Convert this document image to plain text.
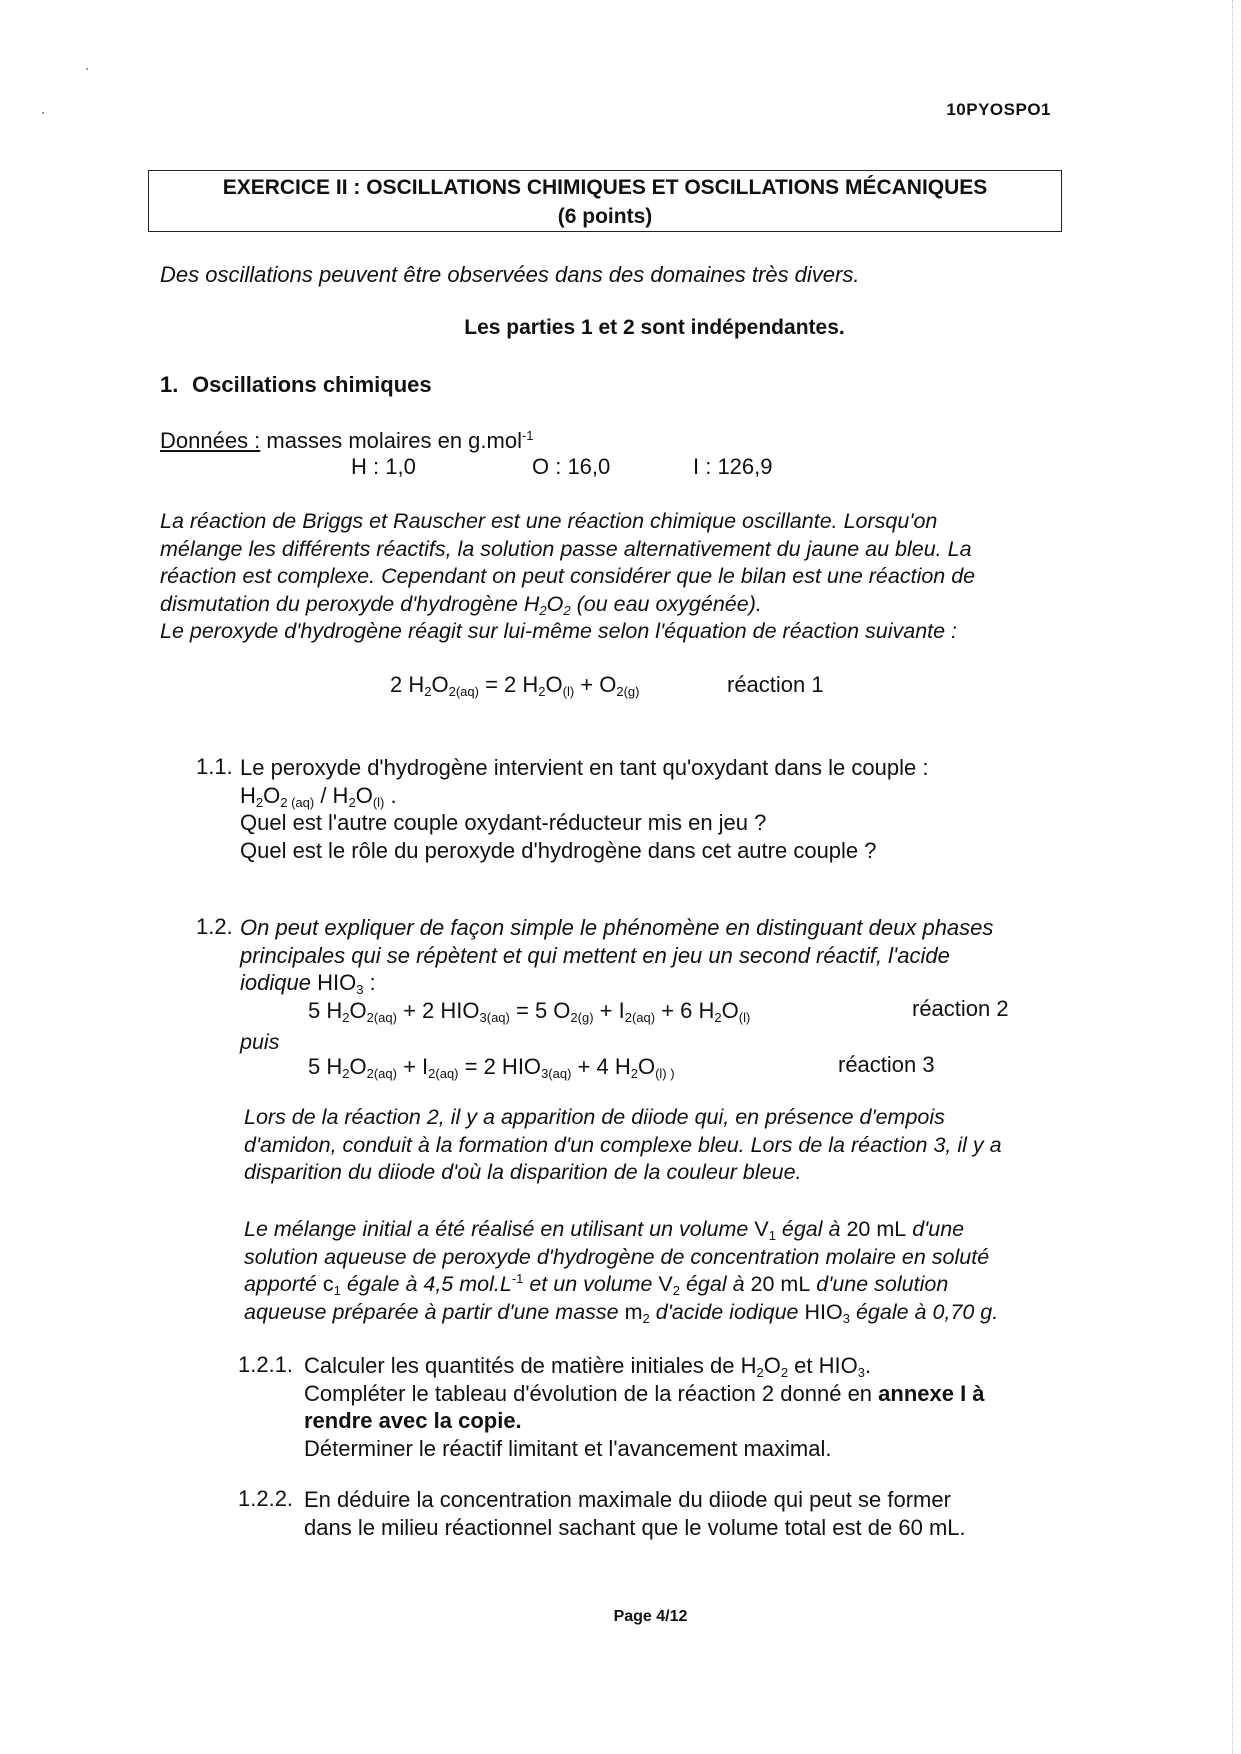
10PYOSPO1
EXERCICE II : OSCILLATIONS CHIMIQUES ET OSCILLATIONS MÉCANIQUES
(6 points)
Des oscillations peuvent être observées dans des domaines très divers.
Les parties 1 et 2 sont indépendantes.
1. Oscillations chimiques
Données : masses molaires en g.mol$^{-1}$
H : 1,0	O : 16,0	I : 126,9
La réaction de Briggs et Rauscher est une réaction chimique oscillante. Lorsqu'on
mélange les différents réactifs, la solution passe alternativement du jaune au bleu. La
réaction est complexe. Cependant on peut considérer que le bilan est une réaction de
dismutation du peroxyde d'hydrogène $H_2O_2$ (ou eau oxygénée).
Le peroxyde d'hydrogène réagit sur lui-même selon l'équation de réaction suivante :
2 $H_2O_{2(aq)} = 2$ $H_2O_{(l)} + O_{2(g)}$	réaction 1
1.1. Le peroxyde d'hydrogène intervient en tant qu'oxydant dans le couple :
$H_2O_{2 (aq)} / H_2O_{(l)}$ .
Quel est l'autre couple oxydant-réducteur mis en jeu ?
Quel est le rôle du peroxyde d'hydrogène dans cet autre couple ?
1.2. On peut expliquer de façon simple le phénomène en distinguant deux phases
principales qui se répètent et qui mettent en jeu un second réactif, l'acide
iodique $HIO_3$ :
5 $H_2O_{2(aq)} + 2$ $HIO_{3(aq)} = 5$ $O_{2(g)} + I_{2(aq)} + 6$ $H_2O_{(l)}$	réaction 2
puis
5 $H_2O_{2(aq)} + I_{2(aq)} = 2$ $HIO_{3(aq)} + 4$ $H_2O_{(l) )}$	réaction 3
Lors de la réaction 2, il y a apparition de diiode qui, en présence d'empois
d'amidon, conduit à la formation d'un complexe bleu. Lors de la réaction 3, il y a
disparition du diiode d'où la disparition de la couleur bleue.
Le mélange initial a été réalisé en utilisant un volume $V_1$ égal à 20 mL d'une
solution aqueuse de peroxyde d'hydrogène de concentration molaire en soluté
apporté $c_1$ égale à 4,5 $mol.L^{-1}$ et un volume $V_2$ égal à 20 mL d'une solution
aqueuse préparée à partir d'une masse $m_2$ d'acide iodique $HIO_3$ égale à 0,70 g.
1.2.1. Calculer les quantités de matière initiales de $H_2O_2$ et $HIO_3$.
Compléter le tableau d'évolution de la réaction 2 donné en annexe I à
rendre avec la copie.
Déterminer le réactif limitant et l'avancement maximal.
1.2.2. En déduire la concentration maximale du diiode qui peut se former
dans le milieu réactionnel sachant que le volume total est de 60 mL.
Page 4/12
